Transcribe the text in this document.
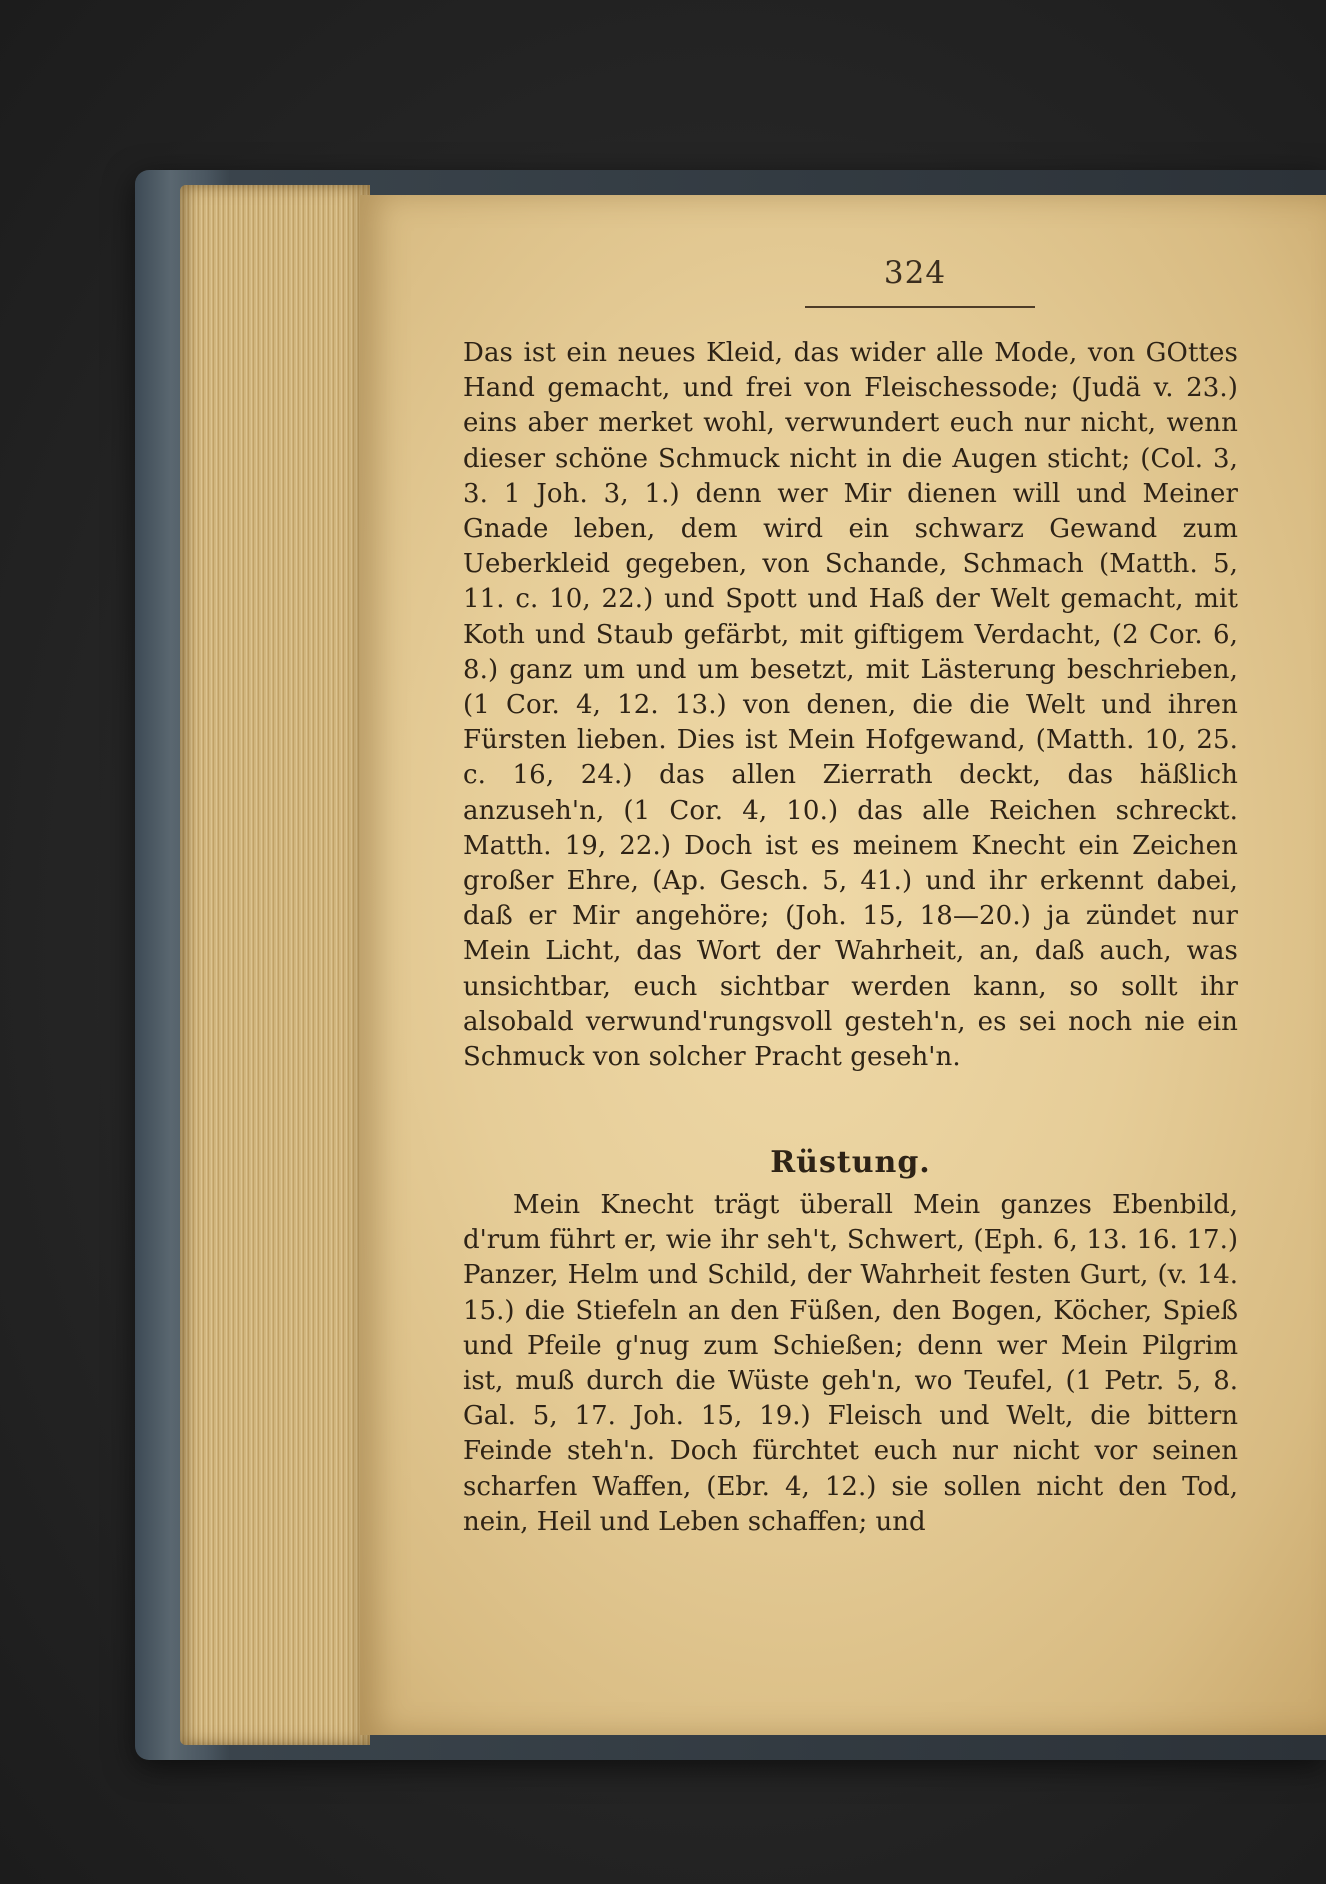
324
Das ist ein neues Kleid, das wider alle Mode, von GOttes Hand gemacht, und frei von Fleischessode; (Judä v. 23.) eins aber merket wohl, verwundert euch nur nicht, wenn dieser schöne Schmuck nicht in die Augen sticht; (Col. 3, 3. 1 Joh. 3, 1.) denn wer Mir dienen will und Meiner Gnade leben, dem wird ein schwarz Gewand zum Ueberkleid gegeben, von Schande, Schmach (Matth. 5, 11. c. 10, 22.) und Spott und Haß der Welt gemacht, mit Koth und Staub gefärbt, mit giftigem Verdacht, (2 Cor. 6, 8.) ganz um und um besetzt, mit Lästerung beschrieben, (1 Cor. 4, 12. 13.) von denen, die die Welt und ihren Fürsten lieben. Dies ist Mein Hofgewand, (Matth. 10, 25. c. 16, 24.) das allen Zierrath deckt, das häßlich anzuseh'n, (1 Cor. 4, 10.) das alle Reichen schreckt. Matth. 19, 22.) Doch ist es meinem Knecht ein Zeichen großer Ehre, (Ap. Gesch. 5, 41.) und ihr erkennt dabei, daß er Mir angehöre; (Joh. 15, 18—20.) ja zündet nur Mein Licht, das Wort der Wahrheit, an, daß auch, was unsichtbar, euch sichtbar werden kann, so sollt ihr alsobald verwund'rungsvoll gesteh'n, es sei noch nie ein Schmuck von solcher Pracht geseh'n.
Rüstung.
Mein Knecht trägt überall Mein ganzes Ebenbild, d'rum führt er, wie ihr seh't, Schwert, (Eph. 6, 13. 16. 17.) Panzer, Helm und Schild, der Wahrheit festen Gurt, (v. 14. 15.) die Stiefeln an den Füßen, den Bogen, Köcher, Spieß und Pfeile g'nug zum Schießen; denn wer Mein Pilgrim ist, muß durch die Wüste geh'n, wo Teufel, (1 Petr. 5, 8. Gal. 5, 17. Joh. 15, 19.) Fleisch und Welt, die bittern Feinde steh'n. Doch fürchtet euch nur nicht vor seinen scharfen Waffen, (Ebr. 4, 12.) sie sollen nicht den Tod, nein, Heil und Leben schaffen; und
